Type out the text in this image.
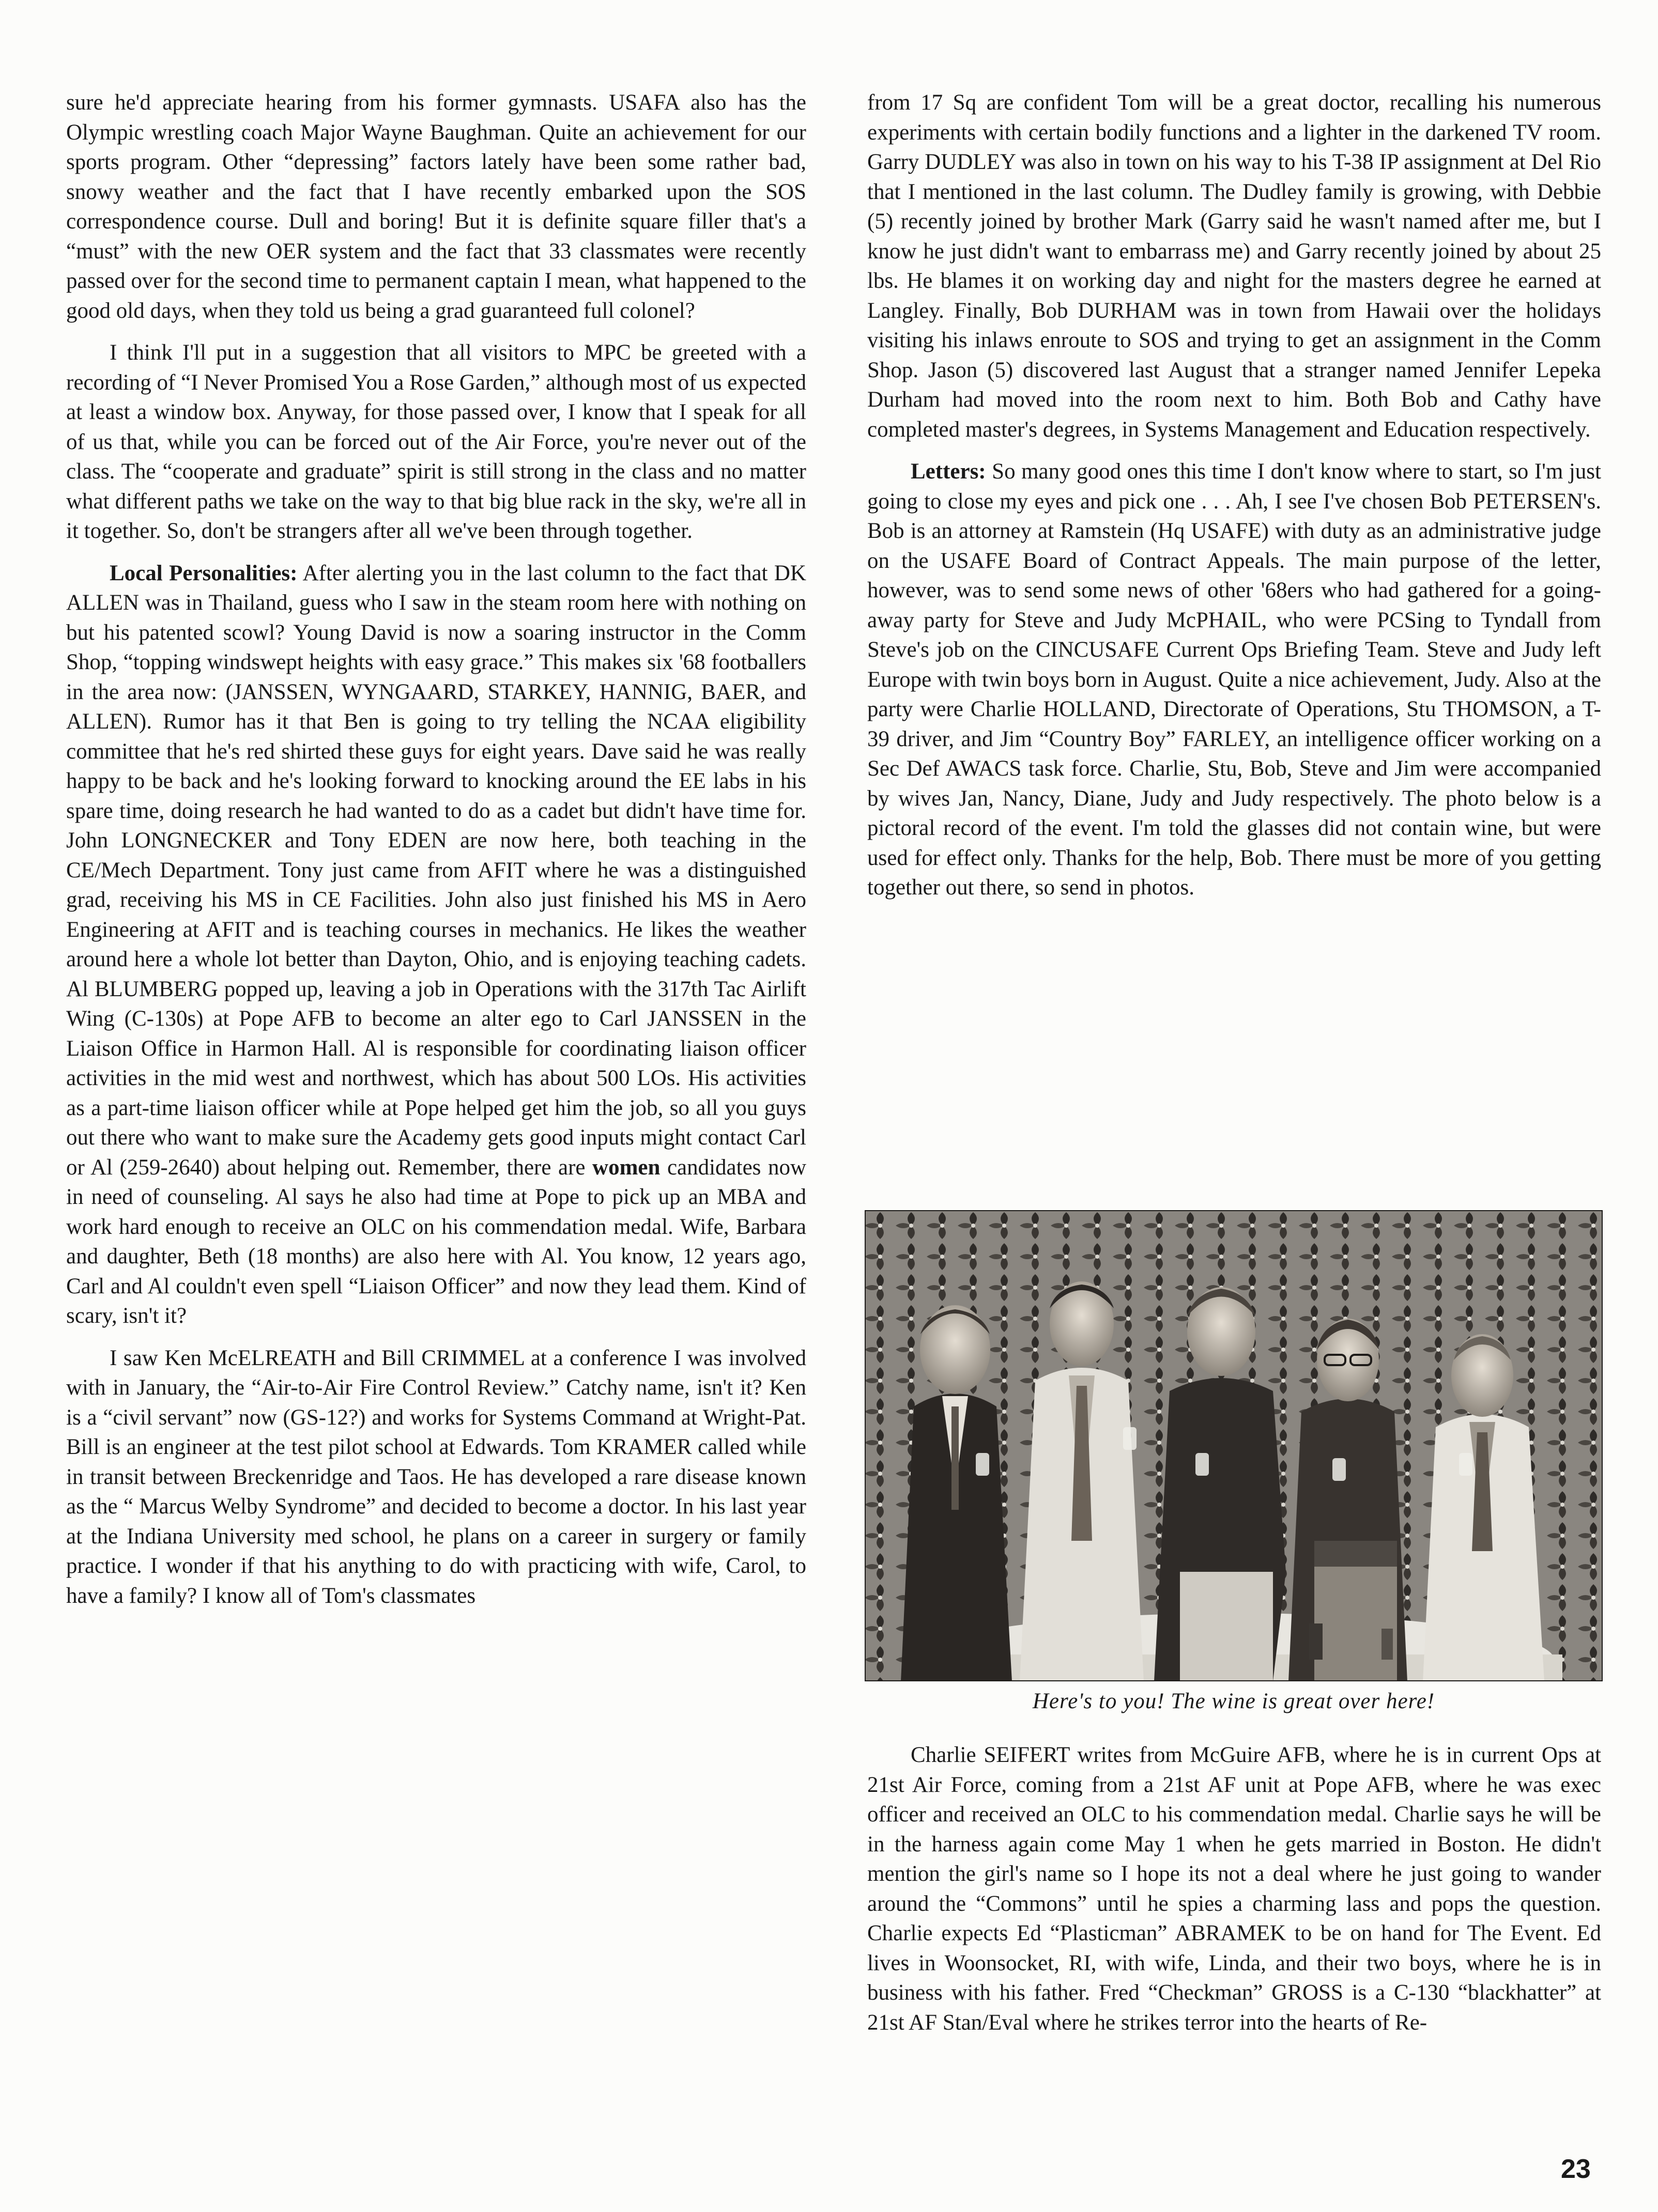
sure he'd appreciate hearing from his former gymnasts. USAFA also has the Olympic wrestling coach Major Wayne Baughman. Quite an achievement for our sports program. Other “depressing” factors lately have been some rather bad, snowy weather and the fact that I have recently embarked upon the SOS correspondence course. Dull and boring! But it is definite square filler that's a “must” with the new OER system and the fact that 33 classmates were recently passed over for the second time to permanent captain I mean, what happened to the good old days, when they told us being a grad guaranteed full colonel?

I think I'll put in a suggestion that all visitors to MPC be greeted with a recording of “I Never Promised You a Rose Garden,” although most of us expected at least a window box. Anyway, for those passed over, I know that I speak for all of us that, while you can be forced out of the Air Force, you're never out of the class. The “cooperate and graduate” spirit is still strong in the class and no matter what different paths we take on the way to that big blue rack in the sky, we're all in it together. So, don't be strangers after all we've been through together.

Local Personalities: After alerting you in the last column to the fact that DK ALLEN was in Thailand, guess who I saw in the steam room here with nothing on but his patented scowl? Young David is now a soaring instructor in the Comm Shop, “topping windswept heights with easy grace.” This makes six '68 footballers in the area now: (JANSSEN, WYNGAARD, STARKEY, HANNIG, BAER, and ALLEN). Rumor has it that Ben is going to try telling the NCAA eligibility committee that he's red shirted these guys for eight years. Dave said he was really happy to be back and he's looking forward to knocking around the EE labs in his spare time, doing research he had wanted to do as a cadet but didn't have time for. John LONGNECKER and Tony EDEN are now here, both teaching in the CE/Mech Department. Tony just came from AFIT where he was a distinguished grad, receiving his MS in CE Facilities. John also just finished his MS in Aero Engineering at AFIT and is teaching courses in mechanics. He likes the weather around here a whole lot better than Dayton, Ohio, and is enjoying teaching cadets. Al BLUMBERG popped up, leaving a job in Operations with the 317th Tac Airlift Wing (C-130s) at Pope AFB to become an alter ego to Carl JANSSEN in the Liaison Office in Harmon Hall. Al is responsible for coordinating liaison officer activities in the mid west and northwest, which has about 500 LOs. His activities as a part-time liaison officer while at Pope helped get him the job, so all you guys out there who want to make sure the Academy gets good inputs might contact Carl or Al (259-2640) about helping out. Remember, there are women candidates now in need of counseling. Al says he also had time at Pope to pick up an MBA and work hard enough to receive an OLC on his commendation medal. Wife, Barbara and daughter, Beth (18 months) are also here with Al. You know, 12 years ago, Carl and Al couldn't even spell “Liaison Officer” and now they lead them. Kind of scary, isn't it?

I saw Ken McELREATH and Bill CRIMMEL at a conference I was involved with in January, the “Air-to-Air Fire Control Review.” Catchy name, isn't it? Ken is a “civil servant” now (GS-12?) and works for Systems Command at Wright-Pat. Bill is an engineer at the test pilot school at Edwards. Tom KRAMER called while in transit between Breckenridge and Taos. He has developed a rare disease known as the “ Marcus Welby Syndrome” and decided to become a doctor. In his last year at the Indiana University med school, he plans on a career in surgery or family practice. I wonder if that his anything to do with practicing with wife, Carol, to have a family? I know all of Tom's classmates

from 17 Sq are confident Tom will be a great doctor, recalling his numerous experiments with certain bodily functions and a lighter in the darkened TV room. Garry DUDLEY was also in town on his way to his T-38 IP assignment at Del Rio that I mentioned in the last column. The Dudley family is growing, with Debbie (5) recently joined by brother Mark (Garry said he wasn't named after me, but I know he just didn't want to embarrass me) and Garry recently joined by about 25 lbs. He blames it on working day and night for the masters degree he earned at Langley. Finally, Bob DURHAM was in town from Hawaii over the holidays visiting his inlaws enroute to SOS and trying to get an assignment in the Comm Shop. Jason (5) discovered last August that a stranger named Jennifer Lepeka Durham had moved into the room next to him. Both Bob and Cathy have completed master's degrees, in Systems Management and Education respectively.

Letters: So many good ones this time I don't know where to start, so I'm just going to close my eyes and pick one . . . Ah, I see I've chosen Bob PETERSEN's. Bob is an attorney at Ramstein (Hq USAFE) with duty as an administrative judge on the USAFE Board of Contract Appeals. The main purpose of the letter, however, was to send some news of other '68ers who had gathered for a going-away party for Steve and Judy McPHAIL, who were PCSing to Tyndall from Steve's job on the CINCUSAFE Current Ops Briefing Team. Steve and Judy left Europe with twin boys born in August. Quite a nice achievement, Judy. Also at the party were Charlie HOLLAND, Directorate of Operations, Stu THOMSON, a T-39 driver, and Jim “Country Boy” FARLEY, an intelligence officer working on a Sec Def AWACS task force. Charlie, Stu, Bob, Steve and Jim were accompanied by wives Jan, Nancy, Diane, Judy and Judy respectively. The photo below is a pictoral record of the event. I'm told the glasses did not contain wine, but were used for effect only. Thanks for the help, Bob. There must be more of you getting together out there, so send in photos.

Here's to you! The wine is great over here!

Charlie SEIFERT writes from McGuire AFB, where he is in current Ops at 21st Air Force, coming from a 21st AF unit at Pope AFB, where he was exec officer and received an OLC to his commendation medal. Charlie says he will be in the harness again come May 1 when he gets married in Boston. He didn't mention the girl's name so I hope its not a deal where he just going to wander around the “Commons” until he spies a charming lass and pops the question. Charlie expects Ed “Plasticman” ABRAMEK to be on hand for The Event. Ed lives in Woonsocket, RI, with wife, Linda, and their two boys, where he is in business with his father. Fred “Checkman” GROSS is a C-130 “blackhatter” at 21st AF Stan/Eval where he strikes terror into the hearts of Re-

23
